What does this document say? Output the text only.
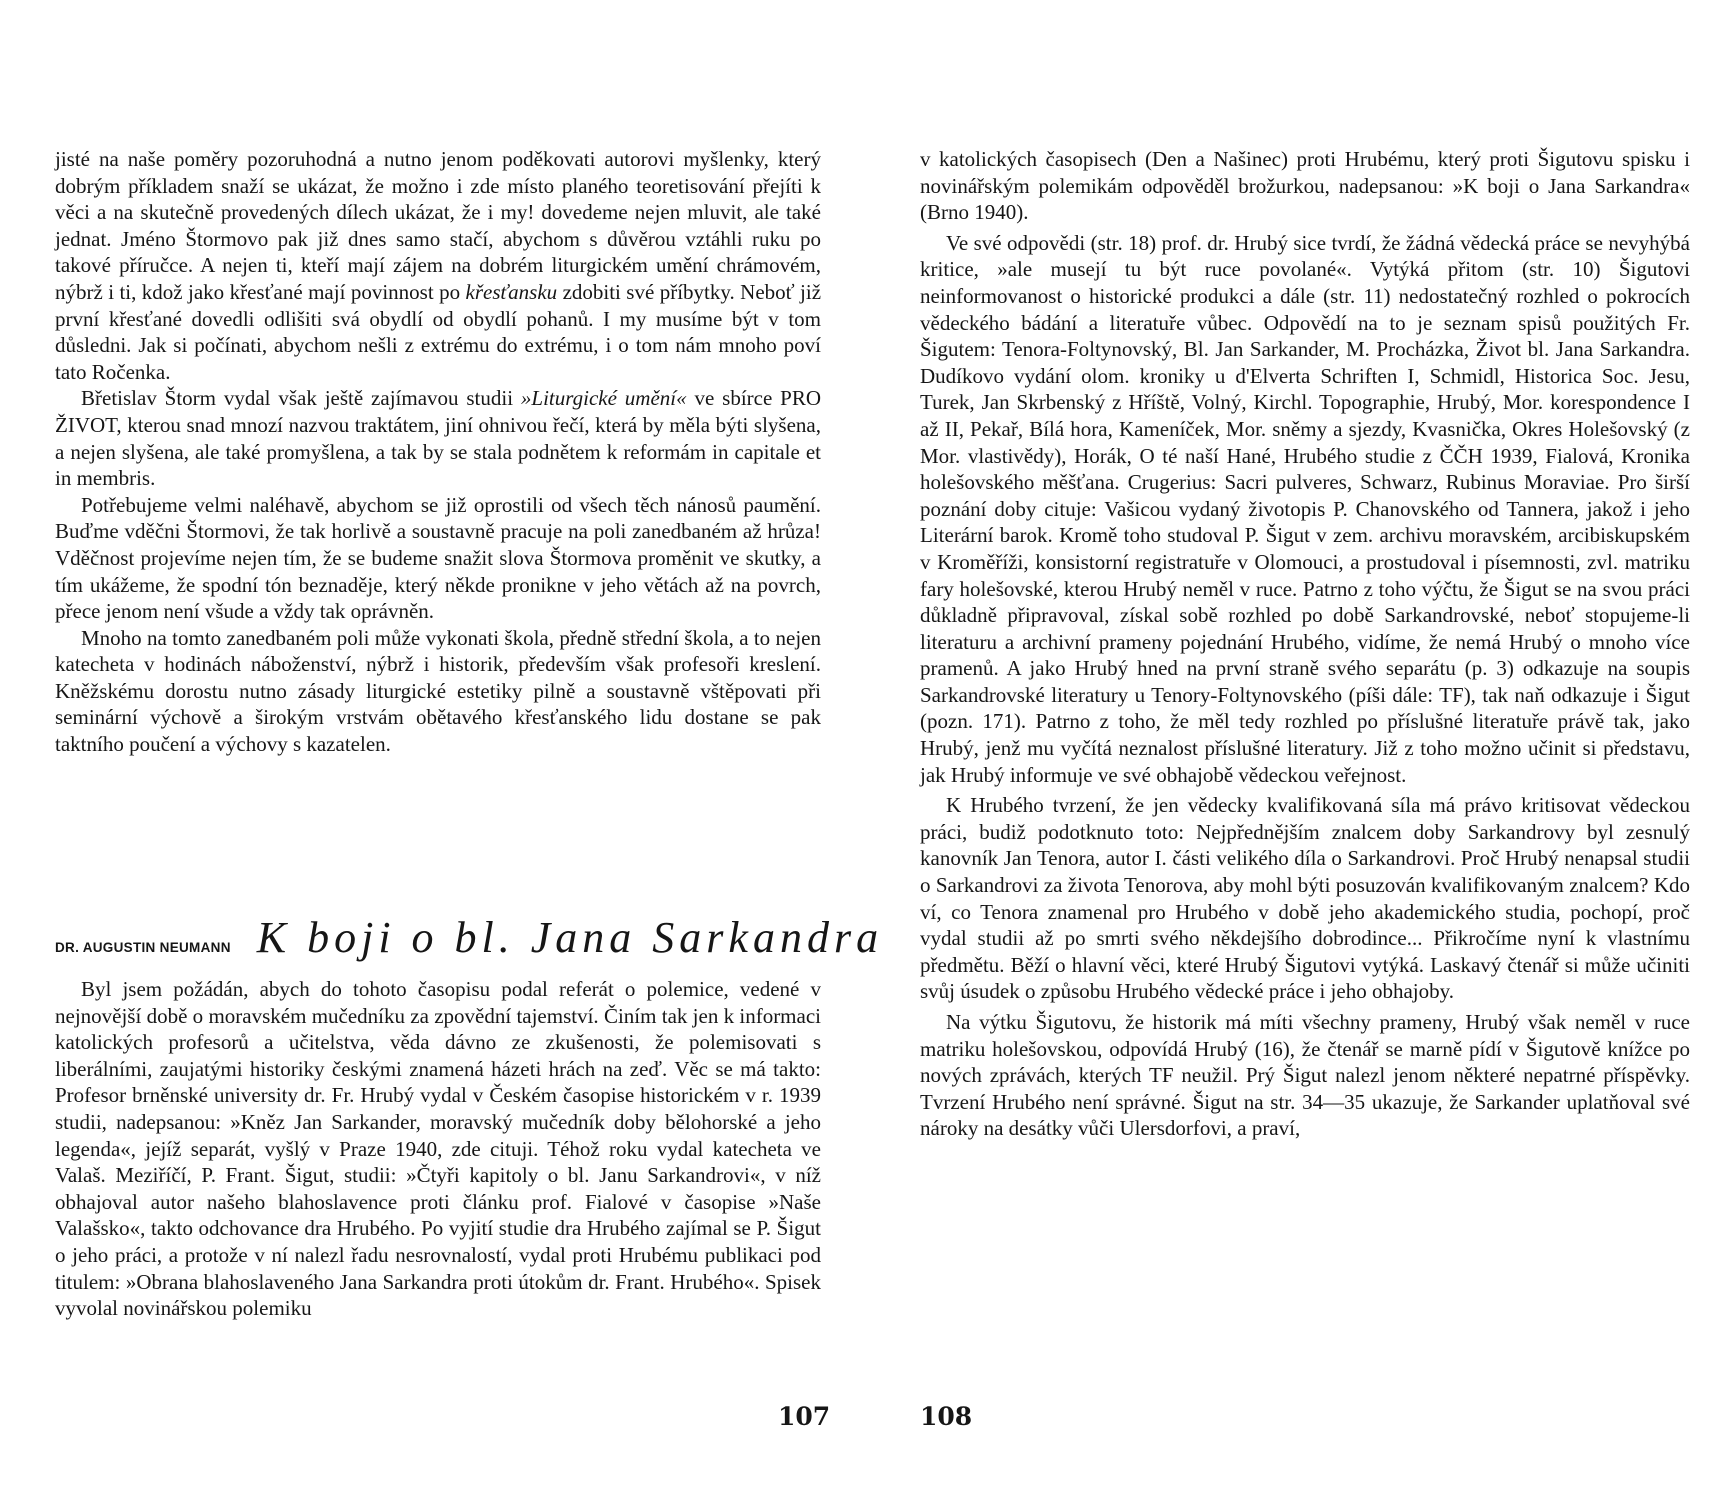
jisté na naše poměry pozoruhodná a nutno jenom poděkovati autorovi myšlenky, který dobrým příkladem snaží se ukázat, že možno i zde místo planého teoretisování přejíti k věci a na skutečně provedených dílech ukázat, že i my! dovedeme nejen mluvit, ale také jednat. Jméno Štormovo pak již dnes samo stačí, abychom s důvěrou vztáhli ruku po takové příručce. A nejen ti, kteří mají zájem na dobrém liturgickém umění chrámovém, nýbrž i ti, kdož jako křesťané mají povinnost po křesťansku zdobiti své příbytky. Neboť již první křesťané dovedli odlišiti svá obydlí od obydlí pohanů. I my musíme být v tom důsledni. Jak si počínati, abychom nešli z extrému do extrému, i o tom nám mnoho poví tato Ročenka.

Břetislav Štorm vydal však ještě zajímavou studii »Liturgické umění« ve sbírce PRO ŽIVOT, kterou snad mnozí nazvou traktátem, jiní ohnivou řečí, která by měla býti slyšena, a nejen slyšena, ale také promyšlena, a tak by se stala podnětem k reformám in capitale et in membris.

Potřebujeme velmi naléhavě, abychom se již oprostili od všech těch nánosů paumění. Buďme vděčni Štormovi, že tak horlivě a soustavně pracuje na poli zanedbaném až hrůza! Vděčnost projevíme nejen tím, že se budeme snažit slova Štormova proměnit ve skutky, a tím ukážeme, že spodní tón beznaděje, který někde pronikne v jeho větách až na povrch, přece jenom není všude a vždy tak oprávněn.

Mnoho na tomto zanedbaném poli může vykonati škola, předně střední škola, a to nejen katecheta v hodinách náboženství, nýbrž i historik, především však profesoři kreslení. Kněžskému dorostu nutno zásady liturgické estetiky pilně a soustavně vštěpovati při seminární výchově a širokým vrstvám obětavého křesťanského lidu dostane se pak taktního poučení a výchovy s kazatelen.

DR. AUGUSTIN NEUMANN K boji o bl. Jana Sarkandra

Byl jsem požádán, abych do tohoto časopisu podal referát o polemice, vedené v nejnovější době o moravském mučedníku za zpovědní tajemství. Činím tak jen k informaci katolických profesorů a učitelstva, věda dávno ze zkušenosti, že polemisovati s liberálními, zaujatými historiky českými znamená házeti hrách na zeď. Věc se má takto: Profesor brněnské university dr. Fr. Hrubý vydal v Českém časopise historickém v r. 1939 studii, nadepsanou: »Kněz Jan Sarkander, moravský mučedník doby bělohorské a jeho legenda«, jejíž separát, vyšlý v Praze 1940, zde cituji. Téhož roku vydal katecheta ve Valaš. Meziříčí, P. Frant. Šigut, studii: »Čtyři kapitoly o bl. Janu Sarkandrovi«, v níž obhajoval autor našeho blahoslavence proti článku prof. Fialové v časopise »Naše Valašsko«, takto odchovance dra Hrubého. Po vyjití studie dra Hrubého zajímal se P. Šigut o jeho práci, a protože v ní nalezl řadu nesrovnalostí, vydal proti Hrubému publikaci pod titulem: »Obrana blahoslaveného Jana Sarkandra proti útokům dr. Frant. Hrubého«. Spisek vyvolal novinářskou polemiku

107

v katolických časopisech (Den a Našinec) proti Hrubému, který proti Šigutovu spisku i novinářským polemikám odpověděl brožurkou, nadepsanou: »K boji o Jana Sarkandra« (Brno 1940).

Ve své odpovědi (str. 18) prof. dr. Hrubý sice tvrdí, že žádná vědecká práce se nevyhýbá kritice, »ale musejí tu být ruce povolané«. Vytýká přitom (str. 10) Šigutovi neinformovanost o historické produkci a dále (str. 11) nedostatečný rozhled o pokrocích vědeckého bádání a literatuře vůbec. Odpovědí na to je seznam spisů použitých Fr. Šigutem: Tenora-Foltynovský, Bl. Jan Sarkander, M. Procházka, Život bl. Jana Sarkandra. Dudíkovo vydání olom. kroniky u d'Elverta Schriften I, Schmidl, Historica Soc. Jesu, Turek, Jan Skrbenský z Hříště, Volný, Kirchl. Topographie, Hrubý, Mor. korespondence I až II, Pekař, Bílá hora, Kameníček, Mor. sněmy a sjezdy, Kvasnička, Okres Holešovský (z Mor. vlastivědy), Horák, O té naší Hané, Hrubého studie z ČČH 1939, Fialová, Kronika holešovského měšťana. Crugerius: Sacri pulveres, Schwarz, Rubinus Moraviae. Pro širší poznání doby cituje: Vašicou vydaný životopis P. Chanovského od Tannera, jakož i jeho Literární barok. Kromě toho studoval P. Šigut v zem. archivu moravském, arcibiskupském v Kroměříži, konsistorní registratuře v Olomouci, a prostudoval i písemnosti, zvl. matriku fary holešovské, kterou Hrubý neměl v ruce. Patrno z toho výčtu, že Šigut se na svou práci důkladně připravoval, získal sobě rozhled po době Sarkandrovské, neboť stopujeme-li literaturu a archivní prameny pojednání Hrubého, vidíme, že nemá Hrubý o mnoho více pramenů. A jako Hrubý hned na první straně svého separátu (p. 3) odkazuje na soupis Sarkandrovské literatury u Tenory-Foltynovského (píši dále: TF), tak naň odkazuje i Šigut (pozn. 171). Patrno z toho, že měl tedy rozhled po příslušné literatuře právě tak, jako Hrubý, jenž mu vyčítá neznalost příslušné literatury. Již z toho možno učinit si představu, jak Hrubý informuje ve své obhajobě vědeckou veřejnost.

K Hrubého tvrzení, že jen vědecky kvalifikovaná síla má právo kritisovat vědeckou práci, budiž podotknuto toto: Nejpřednějším znalcem doby Sarkandrovy byl zesnulý kanovník Jan Tenora, autor I. části velikého díla o Sarkandrovi. Proč Hrubý nenapsal studii o Sarkandrovi za života Tenorova, aby mohl býti posuzován kvalifikovaným znalcem? Kdo ví, co Tenora znamenal pro Hrubého v době jeho akademického studia, pochopí, proč vydal studii až po smrti svého někdejšího dobrodince... Přikročíme nyní k vlastnímu předmětu. Běží o hlavní věci, které Hrubý Šigutovi vytýká. Laskavý čtenář si může učiniti svůj úsudek o způsobu Hrubého vědecké práce i jeho obhajoby.

Na výtku Šigutovu, že historik má míti všechny prameny, Hrubý však neměl v ruce matriku holešovskou, odpovídá Hrubý (16), že čtenář se marně pídí v Šigutově knížce po nových zprávách, kterých TF neužil. Prý Šigut nalezl jenom některé nepatrné příspěvky. Tvrzení Hrubého není správné. Šigut na str. 34—35 ukazuje, že Sarkander uplatňoval své nároky na desátky vůči Ulersdorfovi, a praví,

108
